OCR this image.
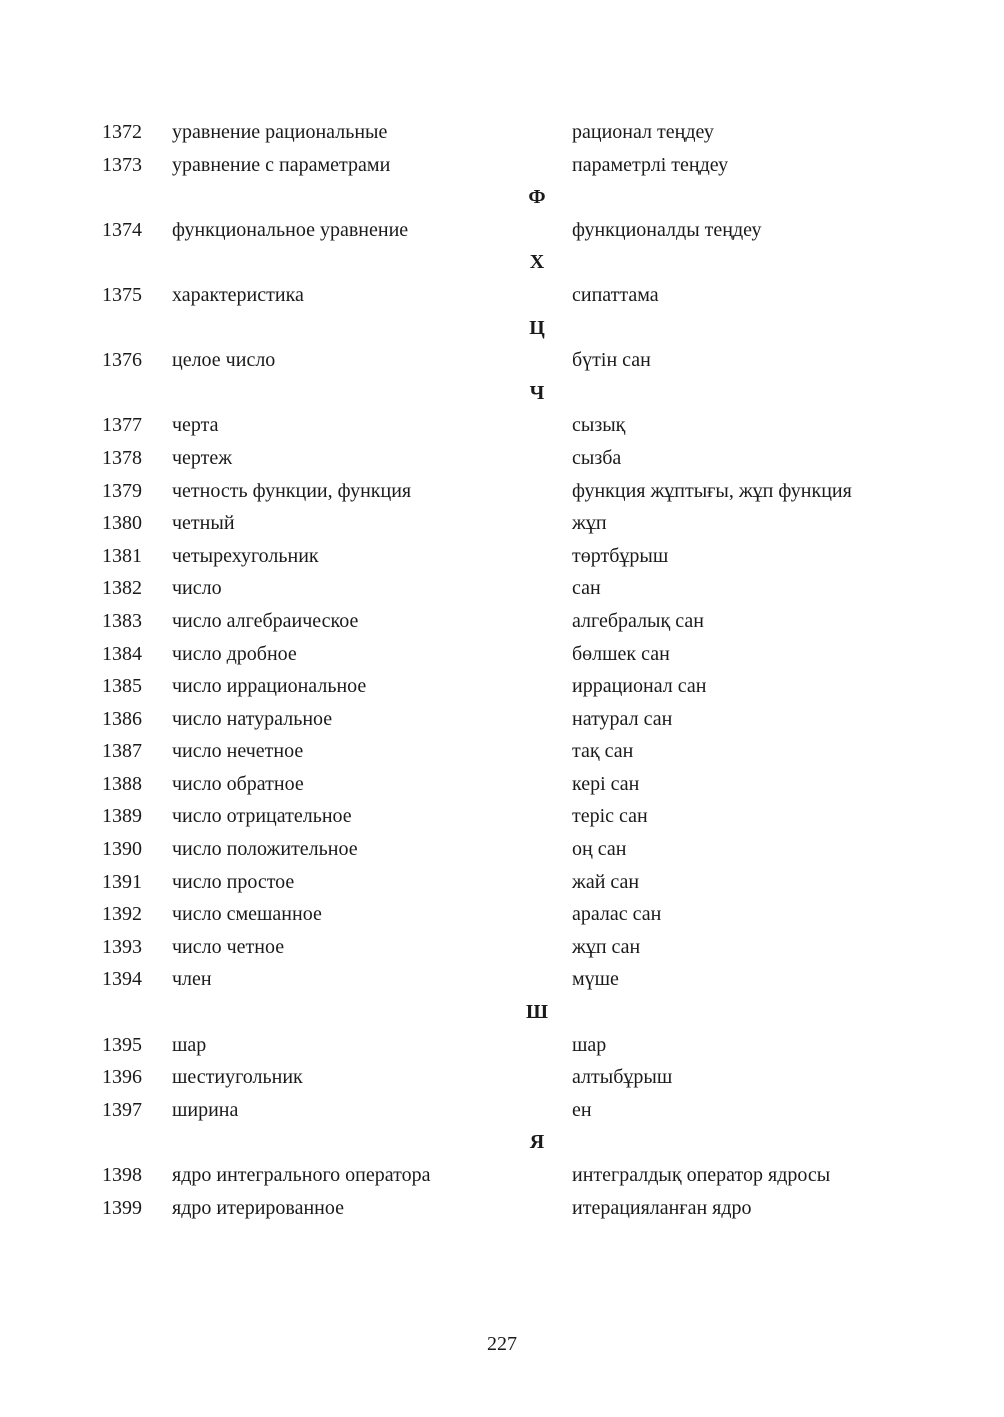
1372 уравнение рациональные	рационал теңдеу
1373 уравнение с параметрами	параметрлі теңдеу
Ф
1374 функциональное уравнение	функционалды теңдеу
Х
1375 характеристика	сипаттама
Ц
1376 целое число	бүтін сан
Ч
1377 черта	сызық
1378 чертеж	сызба
1379 четность функции, функция	функция жұптығы, жұп функция
1380 четный	жұп
1381 четырехугольник	төртбұрыш
1382 число	сан
1383 число алгебраическое	алгебралық сан
1384 число дробное	бөлшек сан
1385 число иррациональное	иррационал сан
1386 число натуральное	натурал сан
1387 число нечетное	тақ сан
1388 число обратное	кері сан
1389 число отрицательное	теріс сан
1390 число положительное	оң сан
1391 число простое	жай сан
1392 число смешанное	аралас сан
1393 число четное	жұп сан
1394 член	мүше
Ш
1395 шар	шар
1396 шестиугольник	алтыбұрыш
1397 ширина	ен
Я
1398 ядро интегрального оператора	интегралдық оператор ядросы
1399 ядро итерированное	итерацияланған ядро
227
